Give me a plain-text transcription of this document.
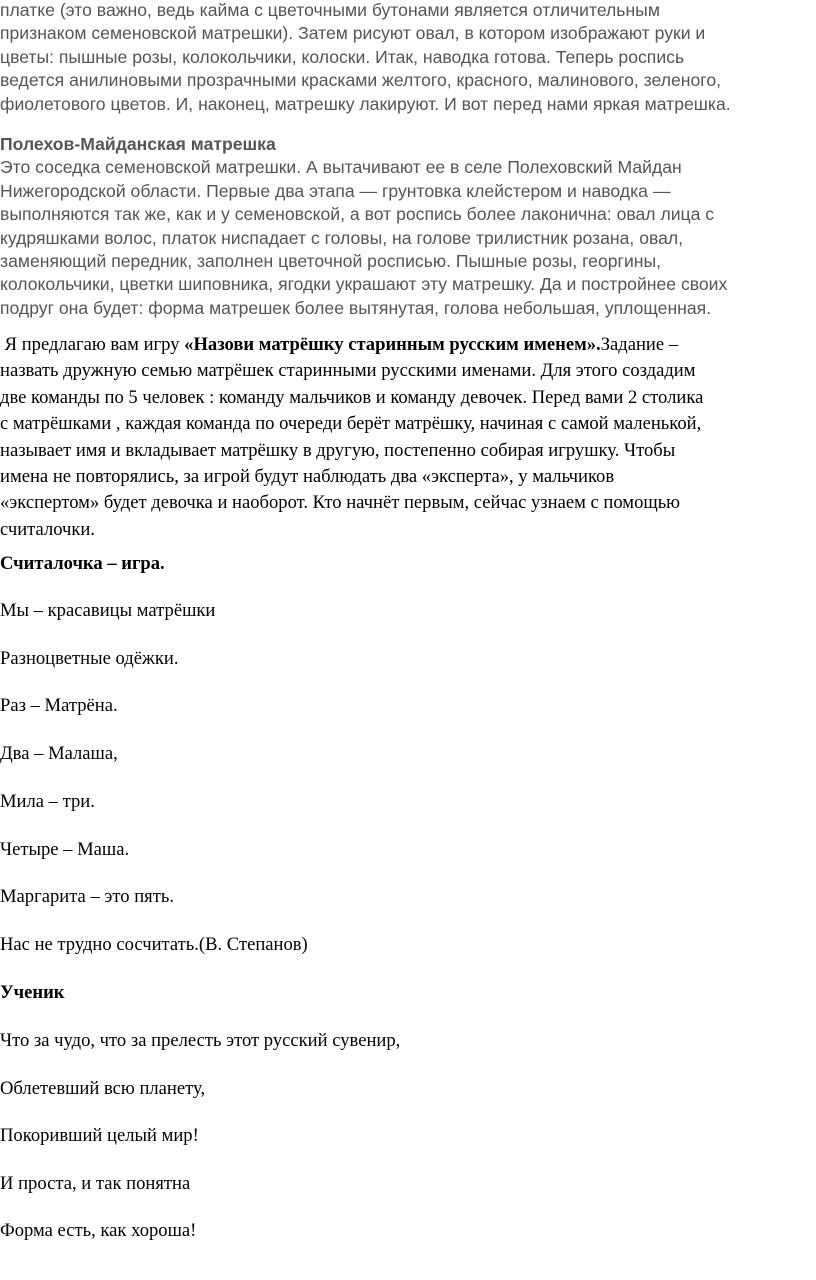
платке (это важно, ведь кайма с цветочными бутонами является отличительным
признаком семеновской матрешки). Затем рисуют овал, в котором изображают руки и
цветы: пышные розы, колокольчики, колоски. Итак, наводка готова. Теперь роспись
ведется анилиновыми прозрачными красками желтого, красного, малинового, зеленого,
фиолетового цветов. И, наконец, матрешку лакируют. И вот перед нами яркая матрешка.
Полехов-Майданская матрешка
Это соседка семеновской матрешки. А вытачивают ее в селе Полеховский Майдан
Нижегородской области. Первые два этапа — грунтовка клейстером и наводка —
выполняются так же, как и у семеновской, а вот роспись более лаконична: овал лица с
кудряшками волос, платок ниспадает с головы, на голове трилистник розана, овал,
заменяющий передник, заполнен цветочной росписью. Пышные розы, георгины,
колокольчики, цветки шиповника, ягодки украшают эту матрешку. Да и постройнее своих
подруг она будет: форма матрешек более вытянутая, голова небольшая, уплощенная.
Я предлагаю вам игру «Назови матрёшку старинным русским именем».Задание –
назвать дружную семью матрёшек старинными русскими именами. Для этого создадим
две команды по 5 человек : команду мальчиков и команду девочек. Перед вами 2 столика
с матрёшками , каждая команда по очереди берёт матрёшку, начиная с самой маленькой,
называет имя и вкладывает матрёшку в другую, постепенно собирая игрушку. Чтобы
имена не повторялись, за игрой будут наблюдать два «эксперта», у мальчиков
«экспертом» будет девочка и наоборот. Кто начнёт первым, сейчас узнаем с помощью
считалочки.
Считалочка – игра.
Мы – красавицы матрёшки
Разноцветные одёжки.
Раз – Матрёна.
Два – Малаша,
Мила – три.
Четыре – Маша.
Маргарита – это пять.
Нас не трудно сосчитать.(В. Степанов)
Ученик
Что за чудо, что за прелесть этот русский сувенир,
Облетевший всю планету,
Покоривший целый мир!
И проста, и так понятна
Форма есть, как хороша!
